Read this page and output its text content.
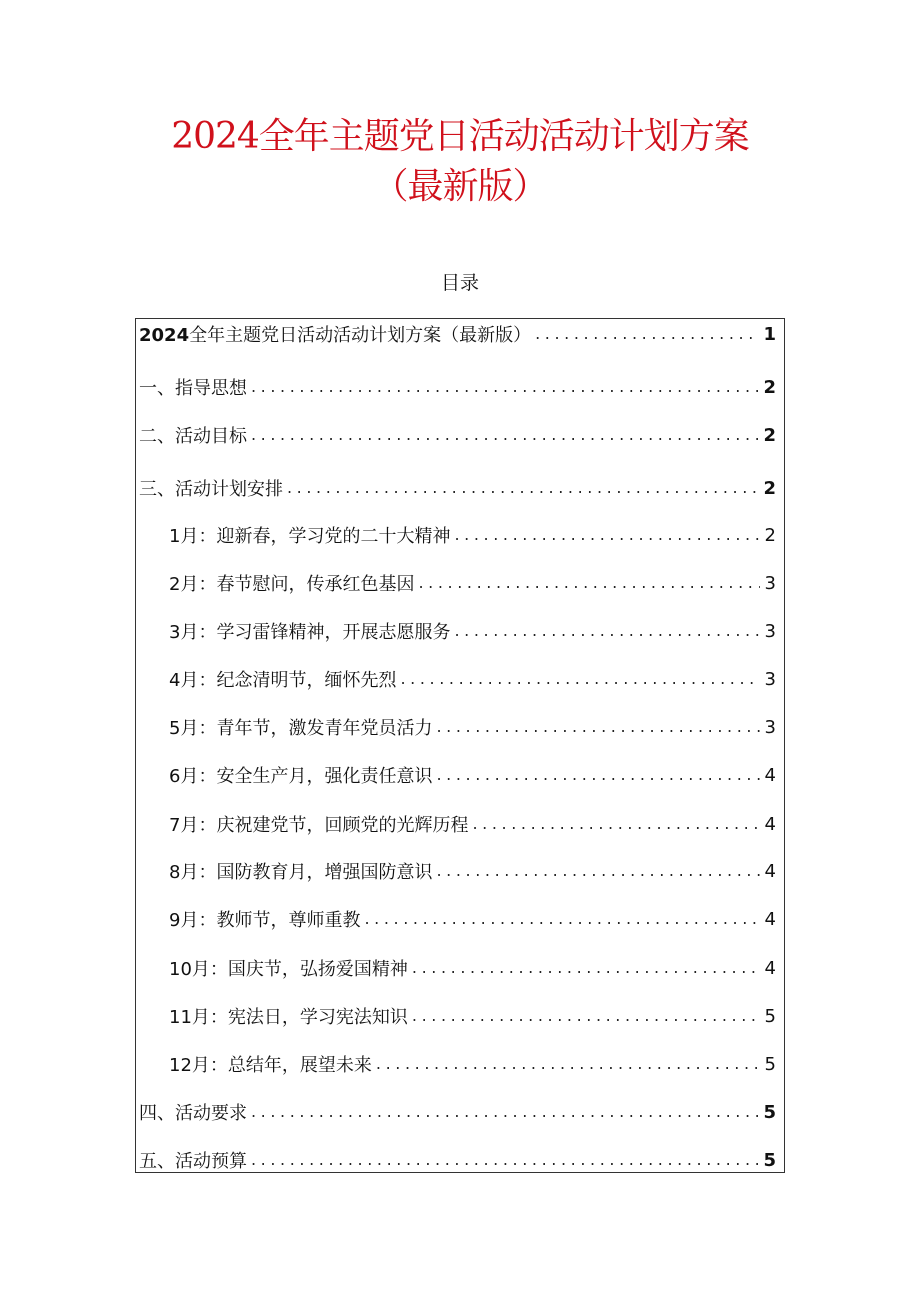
2024全年主题党日活动活动计划方案
（最新版）
目录
2024全年主题党日活动活动计划方案（最新版） .....	1
一、指导思想 .....	2
二、活动目标 .....	2
三、活动计划安排 .....	2
1月：迎新春，学习党的二十大精神 .....	2
2月：春节慰问，传承红色基因 .....	3
3月：学习雷锋精神，开展志愿服务 .....	3
4月：纪念清明节，缅怀先烈 .....	3
5月：青年节，激发青年党员活力 .....	3
6月：安全生产月，强化责任意识 .....	4
7月：庆祝建党节，回顾党的光辉历程 .....	4
8月：国防教育月，增强国防意识 .....	4
9月：教师节，尊师重教 .....	4
10月：国庆节，弘扬爱国精神 .....	4
11月：宪法日，学习宪法知识 .....	5
12月：总结年，展望未来 .....	5
四、活动要求 .....	5
五、活动预算 .....	5
